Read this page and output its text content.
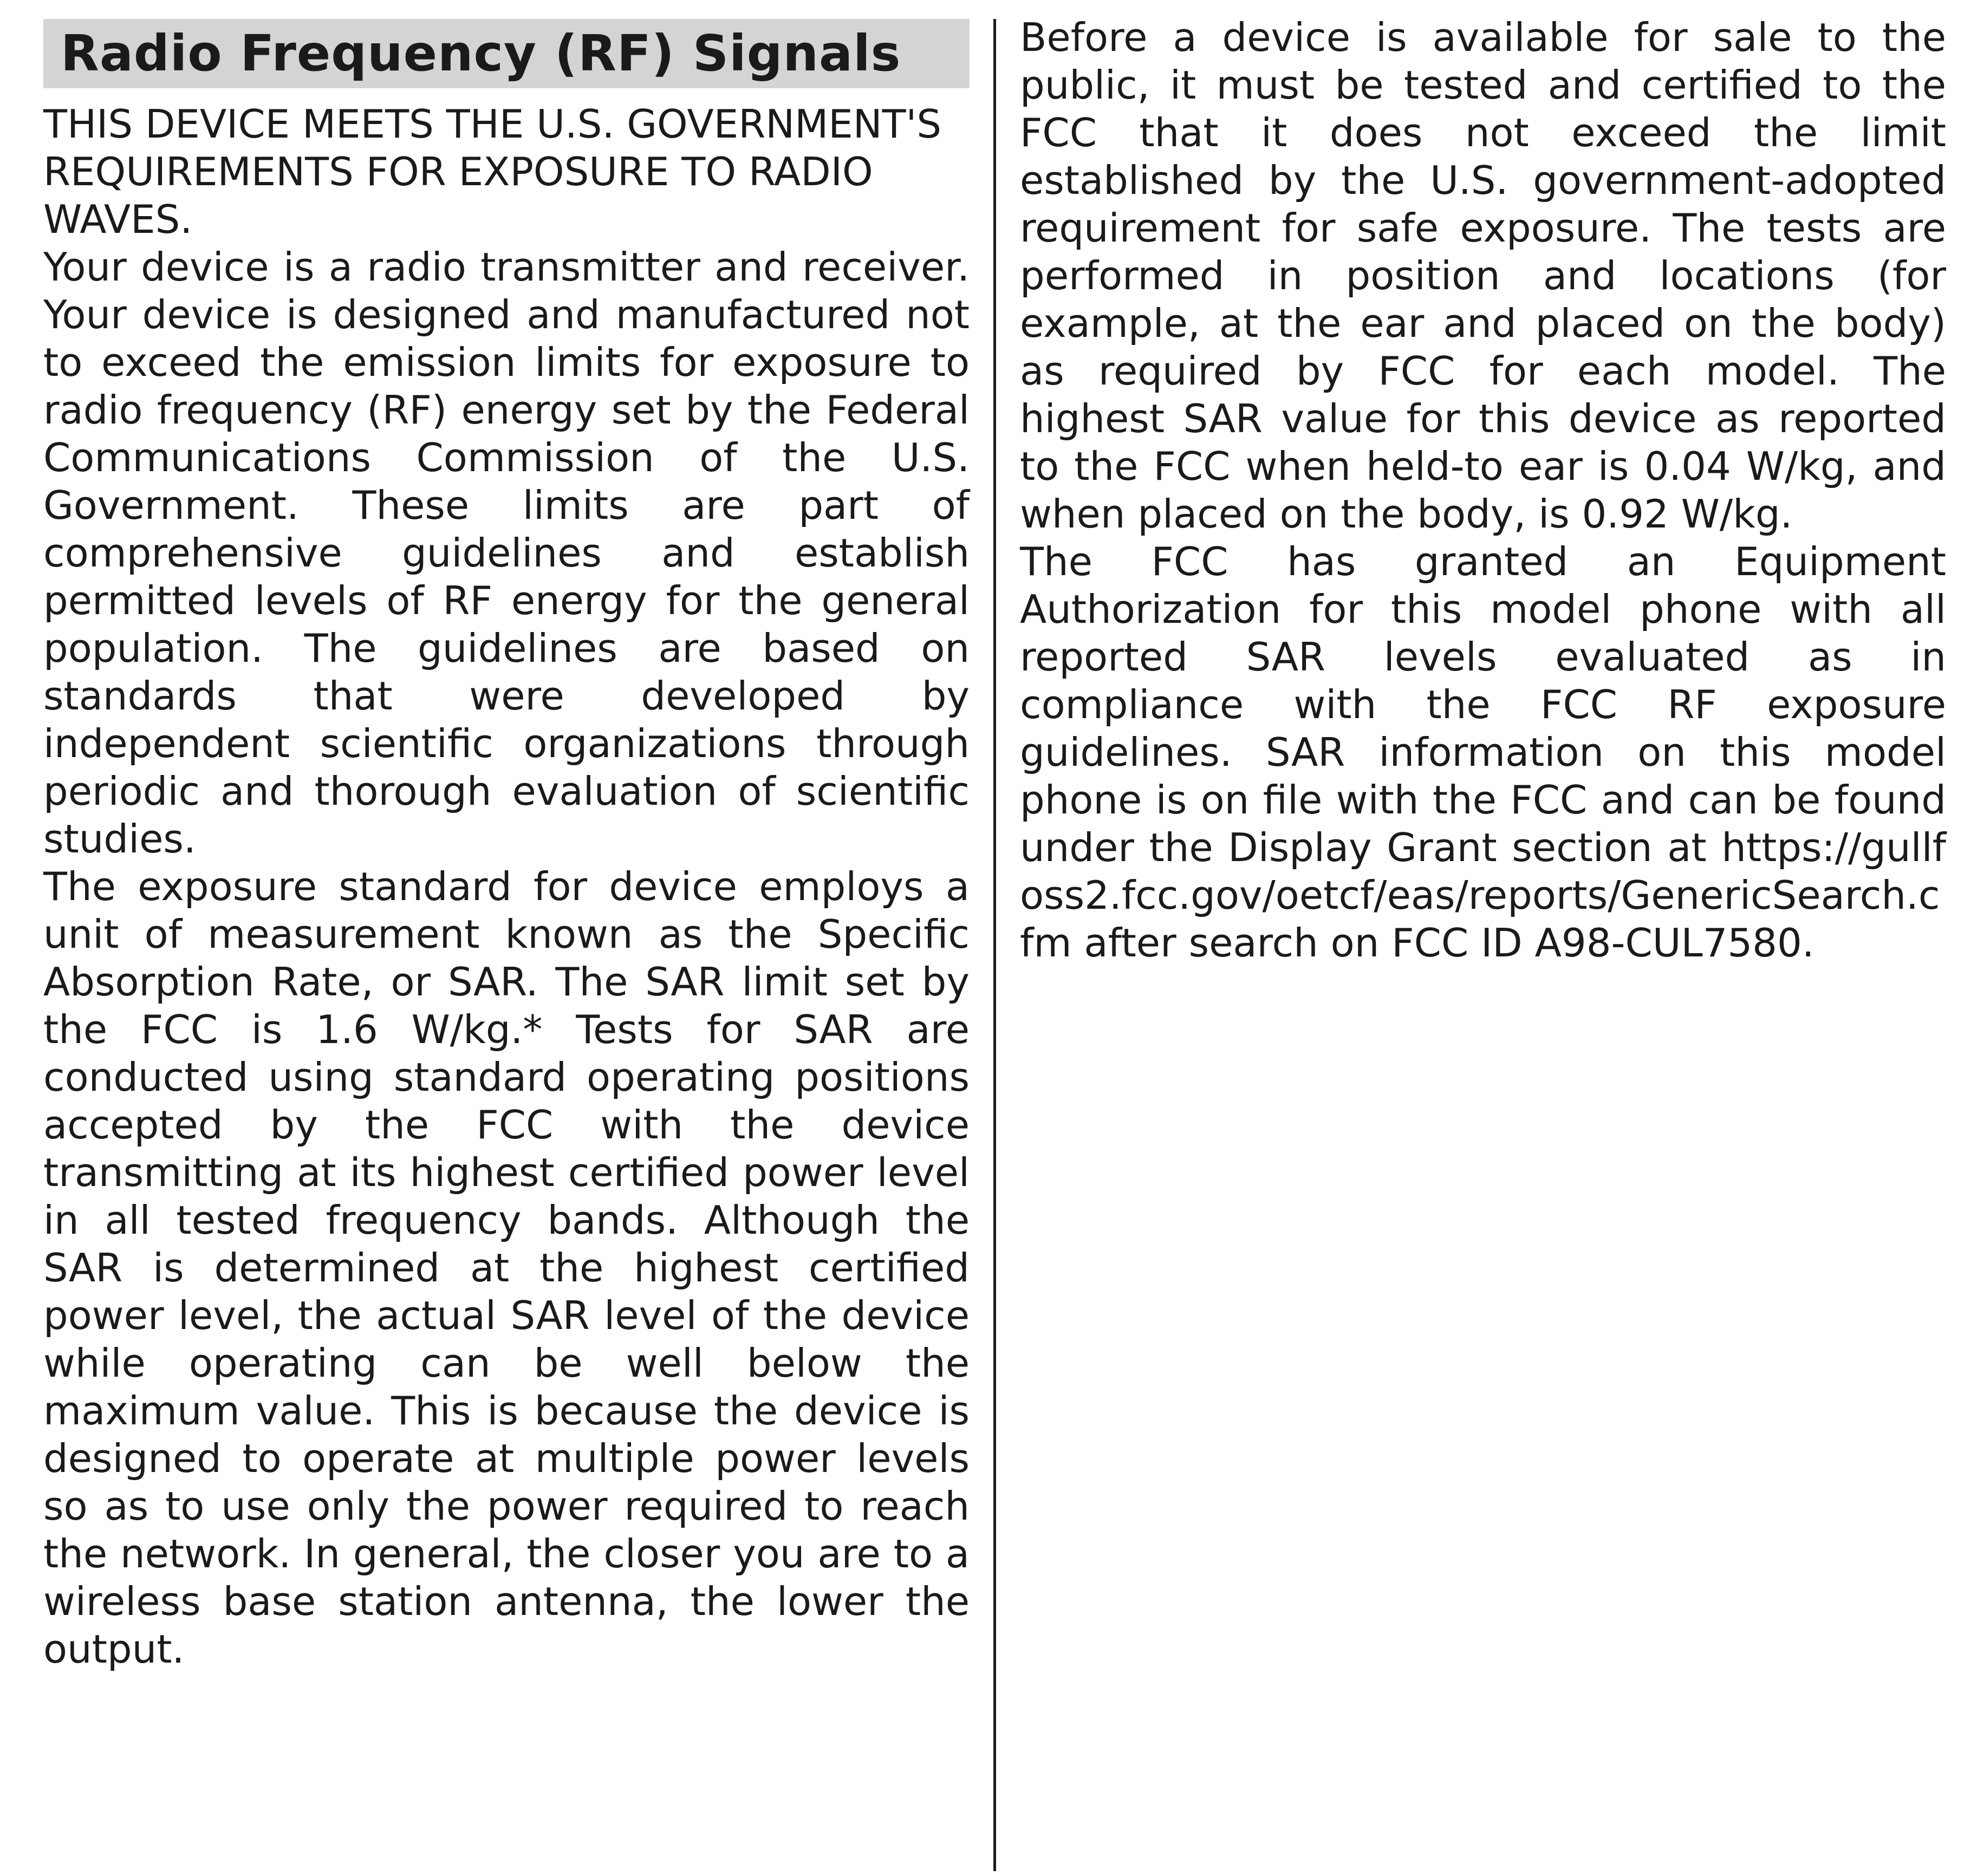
Radio Frequency (RF) Signals

THIS DEVICE MEETS THE U.S. GOVERNMENT'S REQUIREMENTS FOR EXPOSURE TO RADIO WAVES.

Your device is a radio transmitter and receiver. Your device is designed and manufactured not to exceed the emission limits for exposure to radio frequency (RF) energy set by the Federal Communications Commission of the U.S. Government. These limits are part of comprehensive guidelines and establish permitted levels of RF energy for the general population. The guidelines are based on standards that were developed by independent scientific organizations through periodic and thorough evaluation of scientific studies.

The exposure standard for device employs a unit of measurement known as the Specific Absorption Rate, or SAR. The SAR limit set by the FCC is 1.6 W/kg.* Tests for SAR are conducted using standard operating positions accepted by the FCC with the device transmitting at its highest certified power level in all tested frequency bands. Although the SAR is determined at the highest certified power level, the actual SAR level of the device while operating can be well below the maximum value. This is because the device is designed to operate at multiple power levels so as to use only the power required to reach the network. In general, the closer you are to a wireless base station antenna, the lower the output.

Before a device is available for sale to the public, it must be tested and certified to the FCC that it does not exceed the limit established by the U.S. government-adopted requirement for safe exposure. The tests are performed in position and locations (for example, at the ear and placed on the body) as required by FCC for each model. The highest SAR value for this device as reported to the FCC when held-to ear is 0.04 W/kg, and when placed on the body, is 0.92 W/kg.

The FCC has granted an Equipment Authorization for this model phone with all reported SAR levels evaluated as in compliance with the FCC RF exposure guidelines. SAR information on this model phone is on file with the FCC and can be found under the Display Grant section at https://gullfoss2.fcc.gov/oetcf/eas/reports/GenericSearch.cfm after search on FCC ID A98-CUL7580.
